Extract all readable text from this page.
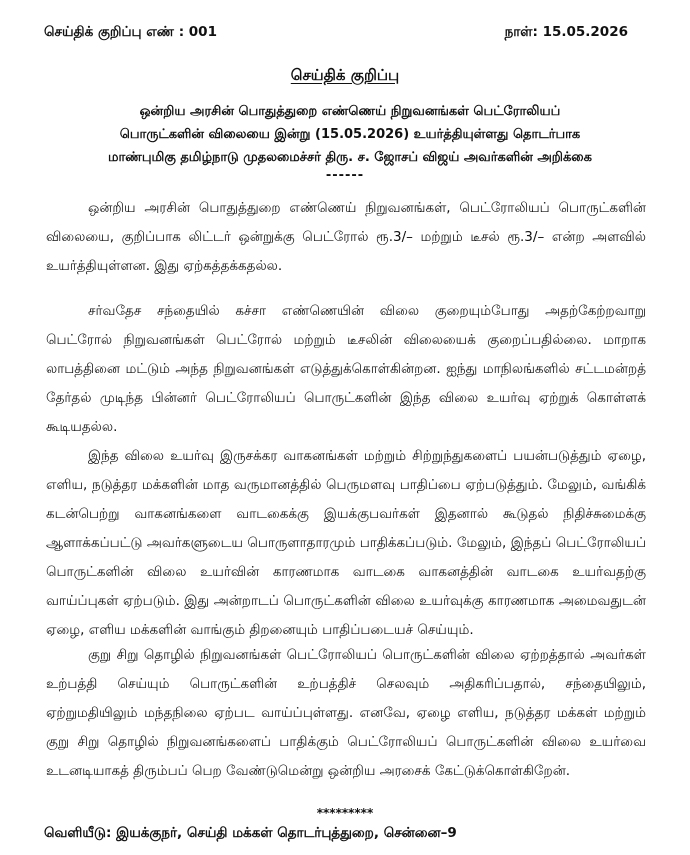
செய்திக் குறிப்பு எண் : 001	நாள்: 15.05.2026
செய்திக் குறிப்பு
ஒன்றிய அரசின் பொதுத்துறை எண்ணெய் நிறுவனங்கள் பெட்ரோலியப்
பொருட்களின் விலையை இன்று (15.05.2026) உயர்த்தியுள்ளது தொடர்பாக
மாண்புமிகு தமிழ்நாடு முதலமைச்சர் திரு. ச. ஜோசப் விஜய் அவர்களின் அறிக்கை
------

ஒன்றிய அரசின் பொதுத்துறை எண்ணெய் நிறுவனங்கள், பெட்ரோலியப் பொருட்களின் விலையை, குறிப்பாக லிட்டர் ஒன்றுக்கு பெட்ரோல் ரூ.3/– மற்றும் டீசல் ரூ.3/– என்ற அளவில் உயர்த்தியுள்ளன. இது ஏற்கத்தக்கதல்ல.

சர்வதேச சந்தையில் கச்சா எண்ணெயின் விலை குறையும்போது அதற்கேற்றவாறு பெட்ரோல் நிறுவனங்கள் பெட்ரோல் மற்றும் டீசலின் விலையைக் குறைப்பதில்லை. மாறாக லாபத்தினை மட்டும் அந்த நிறுவனங்கள் எடுத்துக்கொள்கின்றன. ஐந்து மாநிலங்களில் சட்டமன்றத் தேர்தல் முடிந்த பின்னர் பெட்ரோலியப் பொருட்களின் இந்த விலை உயர்வு ஏற்றுக் கொள்ளக் கூடியதல்ல.

இந்த விலை உயர்வு இருசக்கர வாகனங்கள் மற்றும் சிற்றுந்துகளைப் பயன்படுத்தும் ஏழை, எளிய, நடுத்தர மக்களின் மாத வருமானத்தில் பெருமளவு பாதிப்பை ஏற்படுத்தும். மேலும், வங்கிக் கடன்பெற்று வாகனங்களை வாடகைக்கு இயக்குபவர்கள் இதனால் கூடுதல் நிதிச்சுமைக்கு ஆளாக்கப்பட்டு அவர்களுடைய பொருளாதாரமும் பாதிக்கப்படும். மேலும், இந்தப் பெட்ரோலியப் பொருட்களின் விலை உயர்வின் காரணமாக வாடகை வாகனத்தின் வாடகை உயர்வதற்கு வாய்ப்புகள் ஏற்படும். இது அன்றாடப் பொருட்களின் விலை உயர்வுக்கு காரணமாக அமைவதுடன் ஏழை, எளிய மக்களின் வாங்கும் திறனையும் பாதிப்படையச் செய்யும்.

குறு சிறு தொழில் நிறுவனங்கள் பெட்ரோலியப் பொருட்களின் விலை ஏற்றத்தால் அவர்கள் உற்பத்தி செய்யும் பொருட்களின் உற்பத்திச் செலவும் அதிகரிப்பதால், சந்தையிலும், ஏற்றுமதியிலும் மந்தநிலை ஏற்பட வாய்ப்புள்ளது. எனவே, ஏழை எளிய, நடுத்தர மக்கள் மற்றும் குறு சிறு தொழில் நிறுவனங்களைப் பாதிக்கும் பெட்ரோலியப் பொருட்களின் விலை உயர்வை உடனடியாகத் திரும்பப் பெற வேண்டுமென்று ஒன்றிய அரசைக் கேட்டுக்கொள்கிறேன்.

*********
வெளியீடு: இயக்குநர், செய்தி மக்கள் தொடர்புத்துறை, சென்னை–9
